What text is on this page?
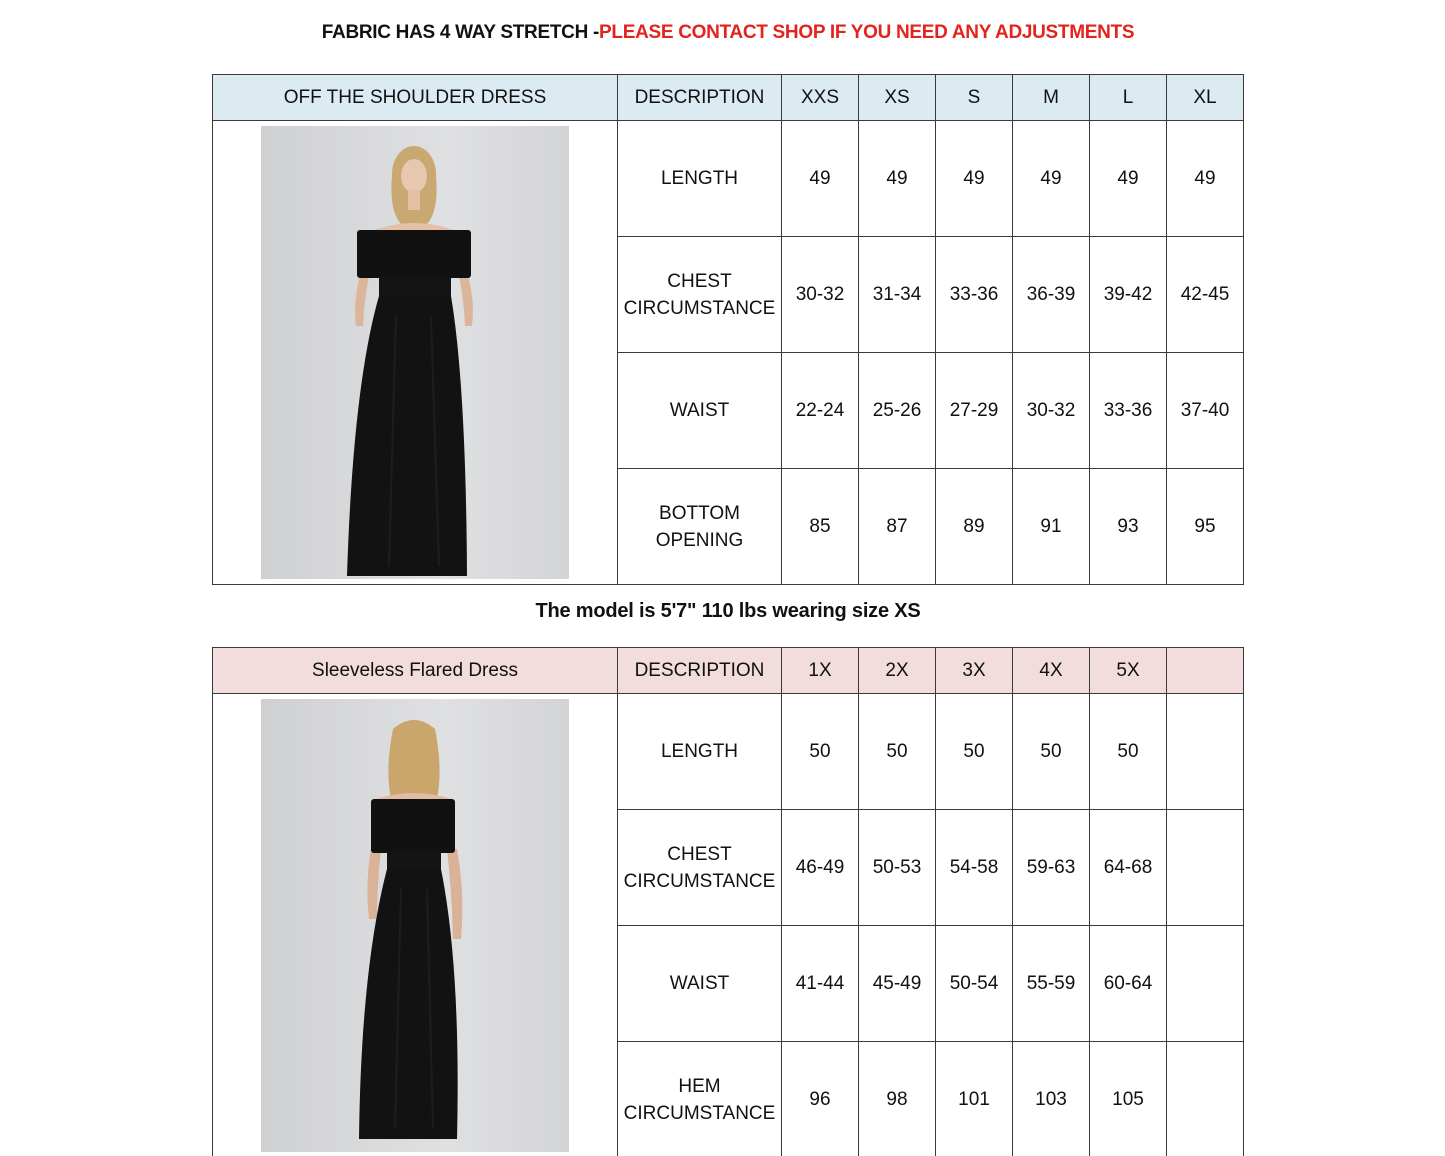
FABRIC HAS 4 WAY STRETCH -PLEASE CONTACT SHOP IF YOU NEED ANY ADJUSTMENTS
OFF THE SHOULDER DRESS	DESCRIPTION	XXS	XS	S	M	L	XL

	LENGTH	49	49	49	49	49	49
	CHEST
CIRCUMSTANCE	30-32	31-34	33-36	36-39	39-42	42-45
	WAIST	22-24	25-26	27-29	30-32	33-36	37-40
	BOTTOM
OPENING	85	87	89	91	93	95
The model is 5'7" 110 lbs wearing size XS
Sleeveless Flared Dress	DESCRIPTION	1X	2X	3X	4X	5X	

	LENGTH	50	50	50	50	50	
	CHEST
CIRCUMSTANCE	46-49	50-53	54-58	59-63	64-68	
	WAIST	41-44	45-49	50-54	55-59	60-64	
	HEM
CIRCUMSTANCE	96	98	101	103	105	
